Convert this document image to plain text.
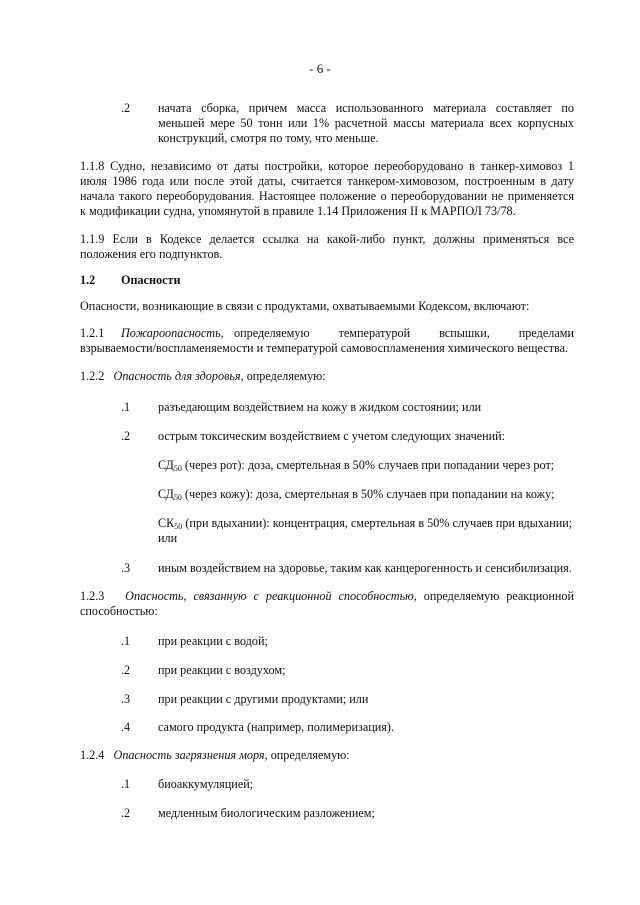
- 6 -
.2 начата сборка, причем масса использованного материала составляет по

меньшей мере 50 тонн или 1% расчетной массы материала всех корпусных

конструкций, смотря по тому, что меньше.

1.1.8 Судно, независимо от даты постройки, которое переоборудовано в танкер-химовоз 1

июля 1986 года или после этой даты, считается танкером-химовозом, построенным в дату

начала такого переоборудования. Настоящее положение о переоборудовании не применяется

к модификации судна, упомянутой в правиле 1.14 Приложения II к МАРПОЛ 73/78.

1.1.9 Если в Кодексе делается ссылка на какой-либо пункт, должны применяться все

положения его подпунктов.

1.2 Опасности

Опасности, возникающие в связи с продуктами, охватываемыми Кодексом, включают:

1.2.1 Пожароопасность, определяемую температурой вспышки, пределами

взрываемости/воспламеняемости и температурой самовоспламенения химического вещества.

1.2.2 Опасность для здоровья, определяемую:

.1 разъедающим воздействием на кожу в жидком состоянии; или
.2 острым токсическим воздействием с учетом следующих значений:

$СД_{50}$ (через рот): доза, смертельная в 50% случаев при попадании через рот;

$СД_{50}$ (через кожу): доза, смертельная в 50% случаев при попадании на кожу;

$СК_{50}$ (при вдыхании): концентрация, смертельная в 50% случаев при вдыхании;

или

.3 иным воздействием на здоровье, таким как канцерогенность и сенсибилизация.

1.2.3 Опасность, связанную с реакционной способностью, определяемую реакционной

способностью:

.1 при реакции с водой;
.2 при реакции с воздухом;
.3 при реакции с другими продуктами; или
.4 самого продукта (например, полимеризация).

1.2.4 Опасность загрязнения моря, определяемую:

.1 биоаккумуляцией;
.2 медленным биологическим разложением;
